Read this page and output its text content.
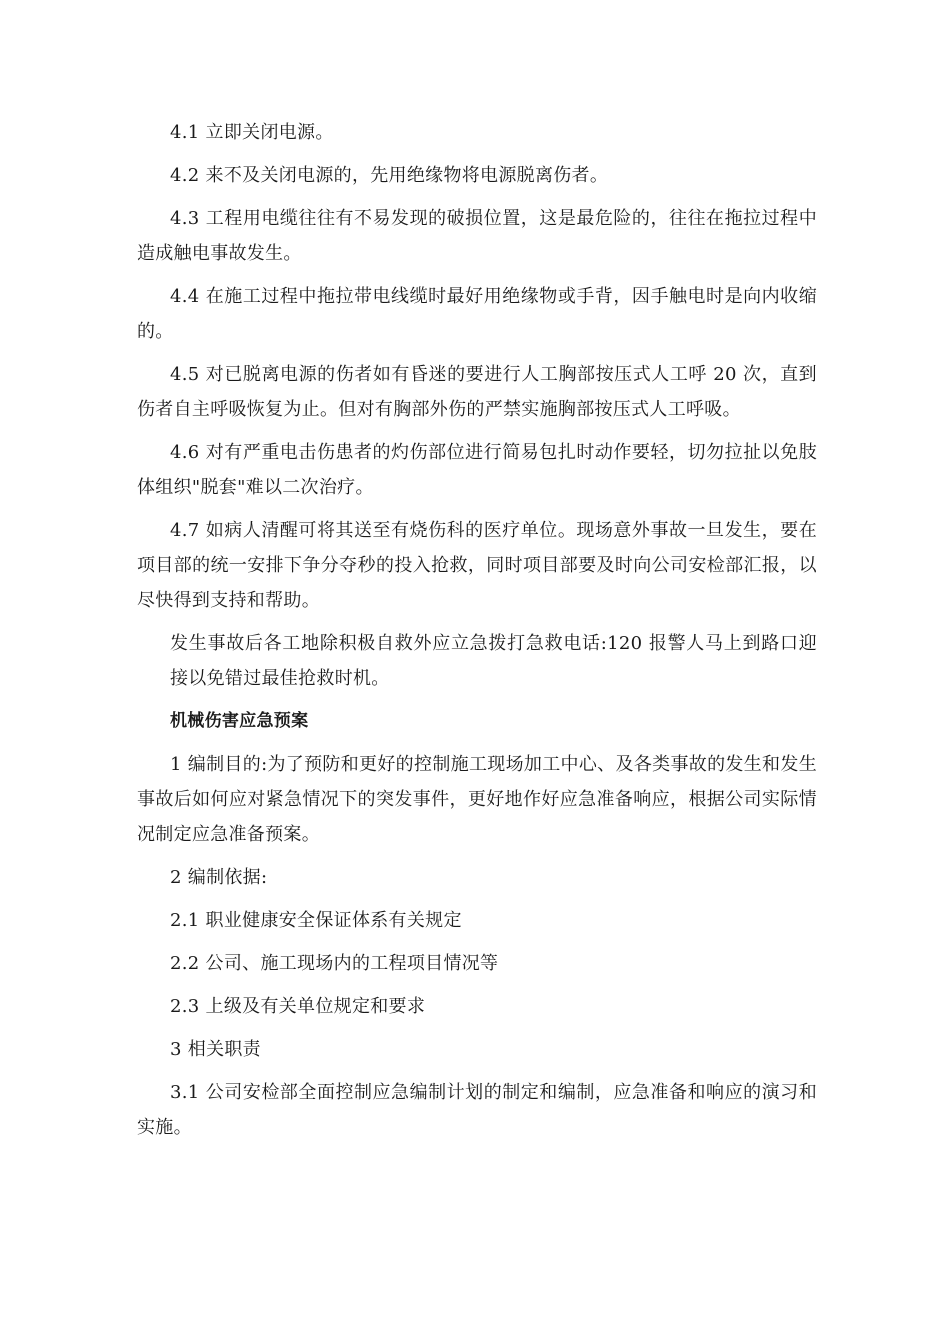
4.1 立即关闭电源。

4.2 来不及关闭电源的，先用绝缘物将电源脱离伤者。

4.3 工程用电缆往往有不易发现的破损位置，这是最危险的，往往在拖拉过程中造成触电事故发生。

4.4 在施工过程中拖拉带电线缆时最好用绝缘物或手背，因手触电时是向内收缩的。

4.5 对已脱离电源的伤者如有昏迷的要进行人工胸部按压式人工呼 20 次，直到伤者自主呼吸恢复为止。但对有胸部外伤的严禁实施胸部按压式人工呼吸。

4.6 对有严重电击伤患者的灼伤部位进行简易包扎时动作要轻，切勿拉扯以免肢体组织"脱套"难以二次治疗。

4.7 如病人清醒可将其送至有烧伤科的医疗单位。现场意外事故一旦发生，要在项目部的统一安排下争分夺秒的投入抢救，同时项目部要及时向公司安检部汇报，以尽快得到支持和帮助。

发生事故后各工地除积极自救外应立急拨打急救电话:120 报警人马上到路口迎接以免错过最佳抢救时机。

机械伤害应急预案

1 编制目的:为了预防和更好的控制施工现场加工中心、及各类事故的发生和发生事故后如何应对紧急情况下的突发事件，更好地作好应急准备响应，根据公司实际情况制定应急准备预案。

2 编制依据:

2.1 职业健康安全保证体系有关规定

2.2 公司、施工现场内的工程项目情况等

2.3 上级及有关单位规定和要求

3 相关职责

3.1 公司安检部全面控制应急编制计划的制定和编制，应急准备和响应的演习和实施。
